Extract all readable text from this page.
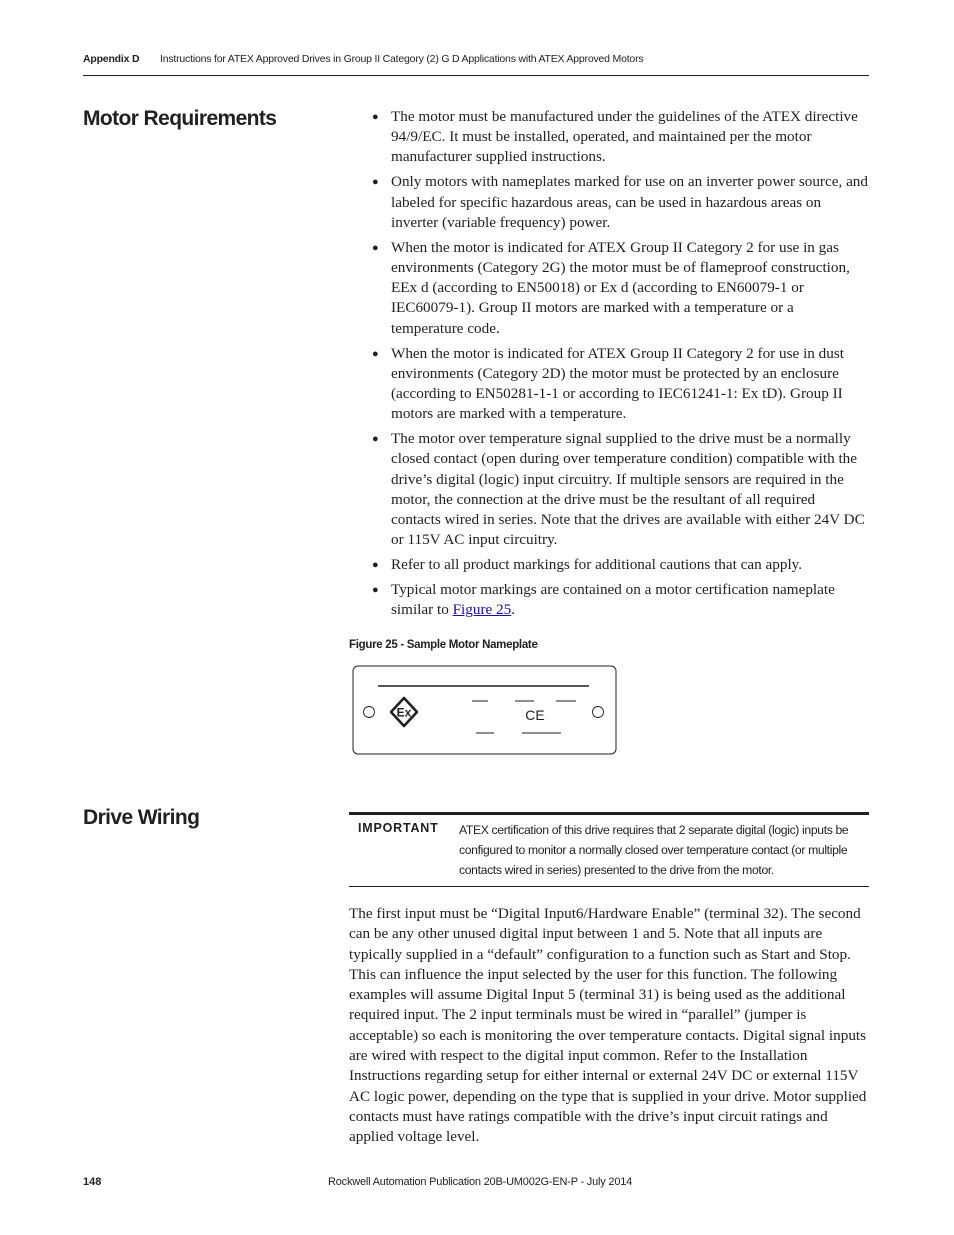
Appendix D Instructions for ATEX Approved Drives in Group II Category (2) G D Applications with ATEX Approved Motors
Motor Requirements	● The motor must be manufactured under the guidelines of the ATEX directive 94/9/EC. It must be installed, operated, and maintained per the motor manufacturer supplied instructions.
● Only motors with nameplates marked for use on an inverter power source, and labeled for specific hazardous areas, can be used in hazardous areas on inverter (variable frequency) power.
● When the motor is indicated for ATEX Group II Category 2 for use in gas environments (Category 2G) the motor must be of flameproof construction, EEx d (according to EN50018) or Ex d (according to EN60079-1 or IEC60079-1). Group II motors are marked with a temperature or a temperature code.
● When the motor is indicated for ATEX Group II Category 2 for use in dust environments (Category 2D) the motor must be protected by an enclosure (according to EN50281-1-1 or according to IEC61241-1: Ex tD). Group II motors are marked with a temperature.
● The motor over temperature signal supplied to the drive must be a normally closed contact (open during over temperature condition) compatible with the drive’s digital (logic) input circuitry. If multiple sensors are required in the motor, the connection at the drive must be the resultant of all required contacts wired in series. Note that the drives are available with either 24V DC or 115V AC input circuitry.
● Refer to all product markings for additional cautions that can apply.
● Typical motor markings are contained on a motor certification nameplate similar to Figure 25.
Figure 25 - Sample Motor Nameplate
Ex	CE
Drive Wiring	IMPORTANT ATEX certification of this drive requires that 2 separate digital (logic) inputs be configured to monitor a normally closed over temperature contact (or multiple contacts wired in series) presented to the drive from the motor.

The first input must be “Digital Input6/Hardware Enable” (terminal 32). The second can be any other unused digital input between 1 and 5. Note that all inputs are typically supplied in a “default” configuration to a function such as Start and Stop. This can influence the input selected by the user for this function. The following examples will assume Digital Input 5 (terminal 31) is being used as the additional required input. The 2 input terminals must be wired in “parallel” (jumper is acceptable) so each is monitoring the over temperature contacts. Digital signal inputs are wired with respect to the digital input common. Refer to the Installation Instructions regarding setup for either internal or external 24V DC or external 115V AC logic power, depending on the type that is supplied in your drive. Motor supplied contacts must have ratings compatible with the drive’s input circuit ratings and applied voltage level.

148	Rockwell Automation Publication 20B-UM002G-EN-P - July 2014
